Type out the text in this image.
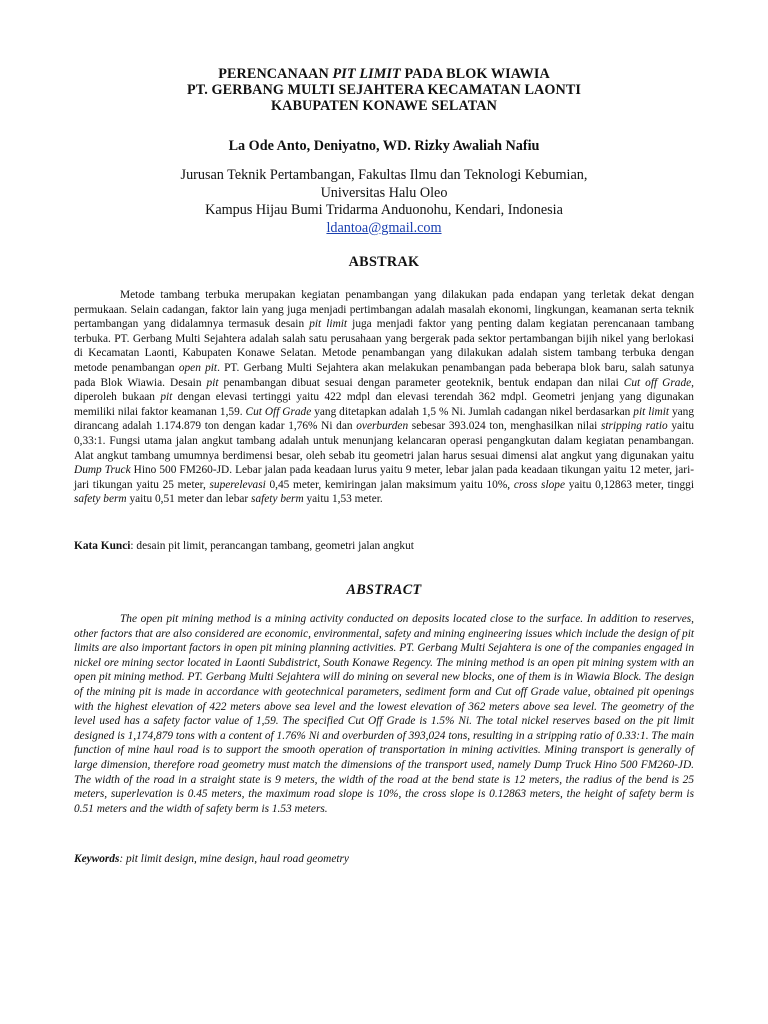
PERENCANAAN PIT LIMIT PADA BLOK WIAWIA
PT. GERBANG MULTI SEJAHTERA KECAMATAN LAONTI
KABUPATEN KONAWE SELATAN
La Ode Anto, Deniyatno, WD. Rizky Awaliah Nafiu
Jurusan Teknik Pertambangan, Fakultas Ilmu dan Teknologi Kebumian,
Universitas Halu Oleo
Kampus Hijau Bumi Tridarma Anduonohu, Kendari, Indonesia
ldantoa@gmail.com
ABSTRAK
Metode tambang terbuka merupakan kegiatan penambangan yang dilakukan pada endapan yang terletak dekat dengan permukaan. Selain cadangan, faktor lain yang juga menjadi pertimbangan adalah masalah ekonomi, lingkungan, keamanan serta teknik pertambangan yang didalamnya termasuk desain pit limit juga menjadi faktor yang penting dalam kegiatan perencanaan tambang terbuka. PT. Gerbang Multi Sejahtera adalah salah satu perusahaan yang bergerak pada sektor pertambangan bijih nikel yang berlokasi di Kecamatan Laonti, Kabupaten Konawe Selatan. Metode penambangan yang dilakukan adalah sistem tambang terbuka dengan metode penambangan open pit. PT. Gerbang Multi Sejahtera akan melakukan penambangan pada beberapa blok baru, salah satunya pada Blok Wiawia. Desain pit penambangan dibuat sesuai dengan parameter geoteknik, bentuk endapan dan nilai Cut off Grade, diperoleh bukaan pit dengan elevasi tertinggi yaitu 422 mdpl dan elevasi terendah 362 mdpl. Geometri jenjang yang digunakan memiliki nilai faktor keamanan 1,59. Cut Off Grade yang ditetapkan adalah 1,5 % Ni. Jumlah cadangan nikel berdasarkan pit limit yang dirancang adalah 1.174.879 ton dengan kadar 1,76% Ni dan overburden sebesar 393.024 ton, menghasilkan nilai stripping ratio yaitu 0,33:1. Fungsi utama jalan angkut tambang adalah untuk menunjang kelancaran operasi pengangkutan dalam kegiatan penambangan. Alat angkut tambang umumnya berdimensi besar, oleh sebab itu geometri jalan harus sesuai dimensi alat angkut yang digunakan yaitu Dump Truck Hino 500 FM260-JD. Lebar jalan pada keadaan lurus yaitu 9 meter, lebar jalan pada keadaan tikungan yaitu 12 meter, jari-jari tikungan yaitu 25 meter, superelevasi 0,45 meter, kemiringan jalan maksimum yaitu 10%, cross slope yaitu 0,12863 meter, tinggi safety berm yaitu 0,51 meter dan lebar safety berm yaitu 1,53 meter.
Kata Kunci: desain pit limit, perancangan tambang, geometri jalan angkut
ABSTRACT
The open pit mining method is a mining activity conducted on deposits located close to the surface. In addition to reserves, other factors that are also considered are economic, environmental, safety and mining engineering issues which include the design of pit limits are also important factors in open pit mining planning activities. PT. Gerbang Multi Sejahtera is one of the companies engaged in nickel ore mining sector located in Laonti Subdistrict, South Konawe Regency. The mining method is an open pit mining system with an open pit mining method. PT. Gerbang Multi Sejahtera will do mining on several new blocks, one of them is in Wiawia Block. The design of the mining pit is made in accordance with geotechnical parameters, sediment form and Cut off Grade value, obtained pit openings with the highest elevation of 422 meters above sea level and the lowest elevation of 362 meters above sea level. The geometry of the level used has a safety factor value of 1,59. The specified Cut Off Grade is 1.5% Ni. The total nickel reserves based on the pit limit designed is 1,174,879 tons with a content of 1.76% Ni and overburden of 393,024 tons, resulting in a stripping ratio of 0.33:1. The main function of mine haul road is to support the smooth operation of transportation in mining activities. Mining transport is generally of large dimension, therefore road geometry must match the dimensions of the transport used, namely Dump Truck Hino 500 FM260-JD. The width of the road in a straight state is 9 meters, the width of the road at the bend state is 12 meters, the radius of the bend is 25 meters, superlevation is 0.45 meters, the maximum road slope is 10%, the cross slope is 0.12863 meters, the height of safety berm is 0.51 meters and the width of safety berm is 1.53 meters.
Keywords: pit limit design, mine design, haul road geometry
